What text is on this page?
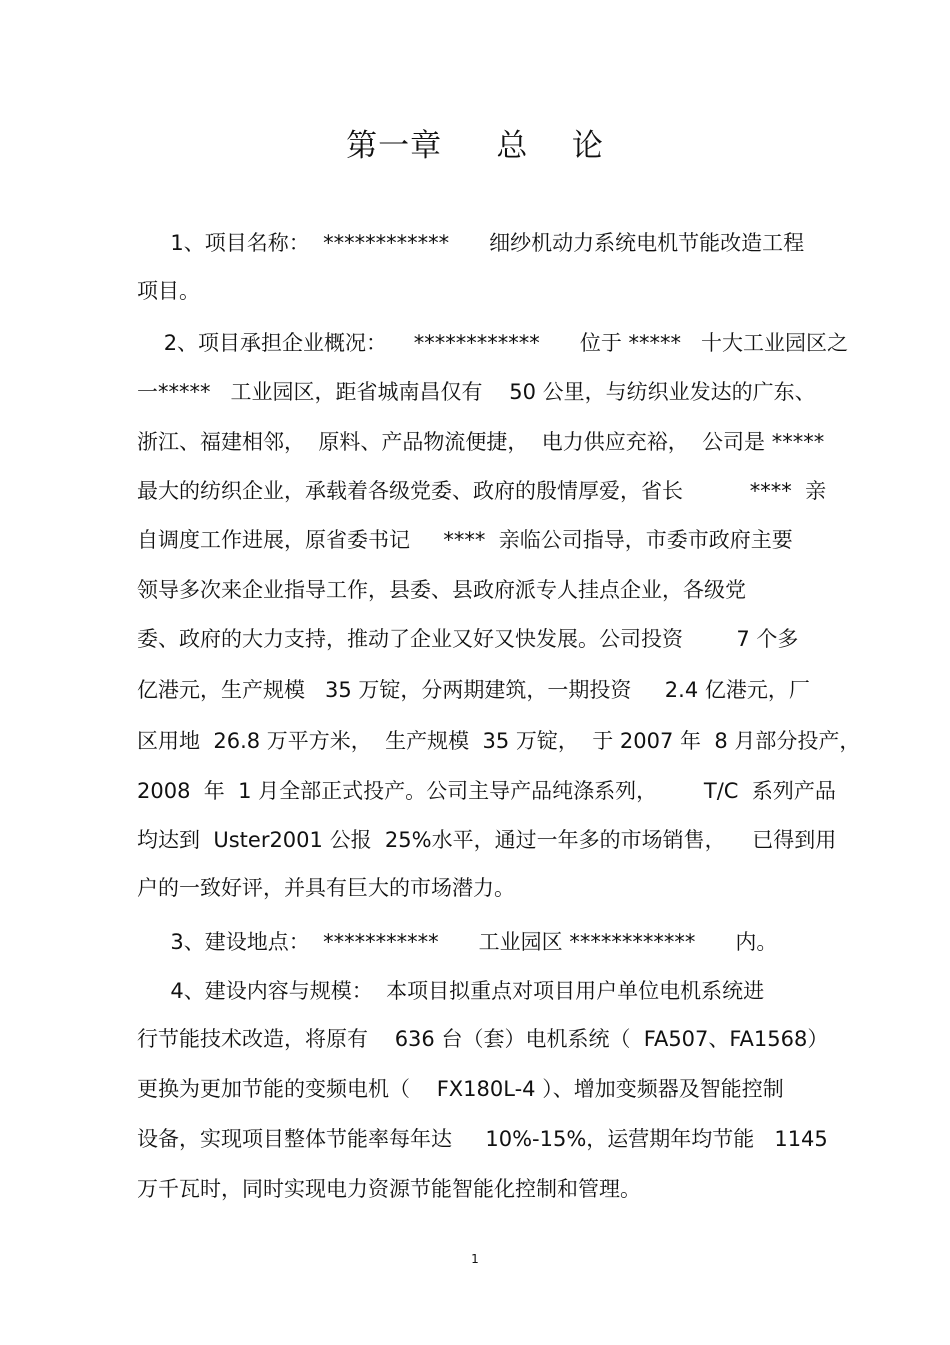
第一章     总    论
1、项目名称：  ************      细纱机动力系统电机节能改造工程
项目。
2、项目承担企业概况：    ************      位于 *****   十大工业园区之
一*****   工业园区，距省城南昌仅有    50 公里，与纺织业发达的广东、
浙江、福建相邻，  原料、产品物流便捷，  电力供应充裕，  公司是 *****
最大的纺织企业，承载着各级党委、政府的殷情厚爱，省长          ****  亲
自调度工作进展，原省委书记     ****  亲临公司指导，市委市政府主要
领导多次来企业指导工作，县委、县政府派专人挂点企业，各级党
委、政府的大力支持，推动了企业又好又快发展。公司投资        7 个多
亿港元，生产规模   35 万锭，分两期建筑，一期投资     2.4 亿港元，厂
区用地  26.8 万平方米，  生产规模  35 万锭，  于 2007 年  8 月部分投产，
2008  年  1 月全部正式投产。公司主导产品纯涤系列，       T/C  系列产品
均达到  Uster2001 公报  25%水平，通过一年多的市场销售，    已得到用
户的一致好评，并具有巨大的市场潜力。
3、建设地点：  ***********      工业园区 ************      内。
4、建设内容与规模：  本项目拟重点对项目用户单位电机系统进
行节能技术改造，将原有    636 台（套）电机系统（  FA507、FA1568）
更换为更加节能的变频电机（    FX180L-4 ）、增加变频器及智能控制
设备，实现项目整体节能率每年达     10%-15%，运营期年均节能   1145
万千瓦时，同时实现电力资源节能智能化控制和管理。
1
